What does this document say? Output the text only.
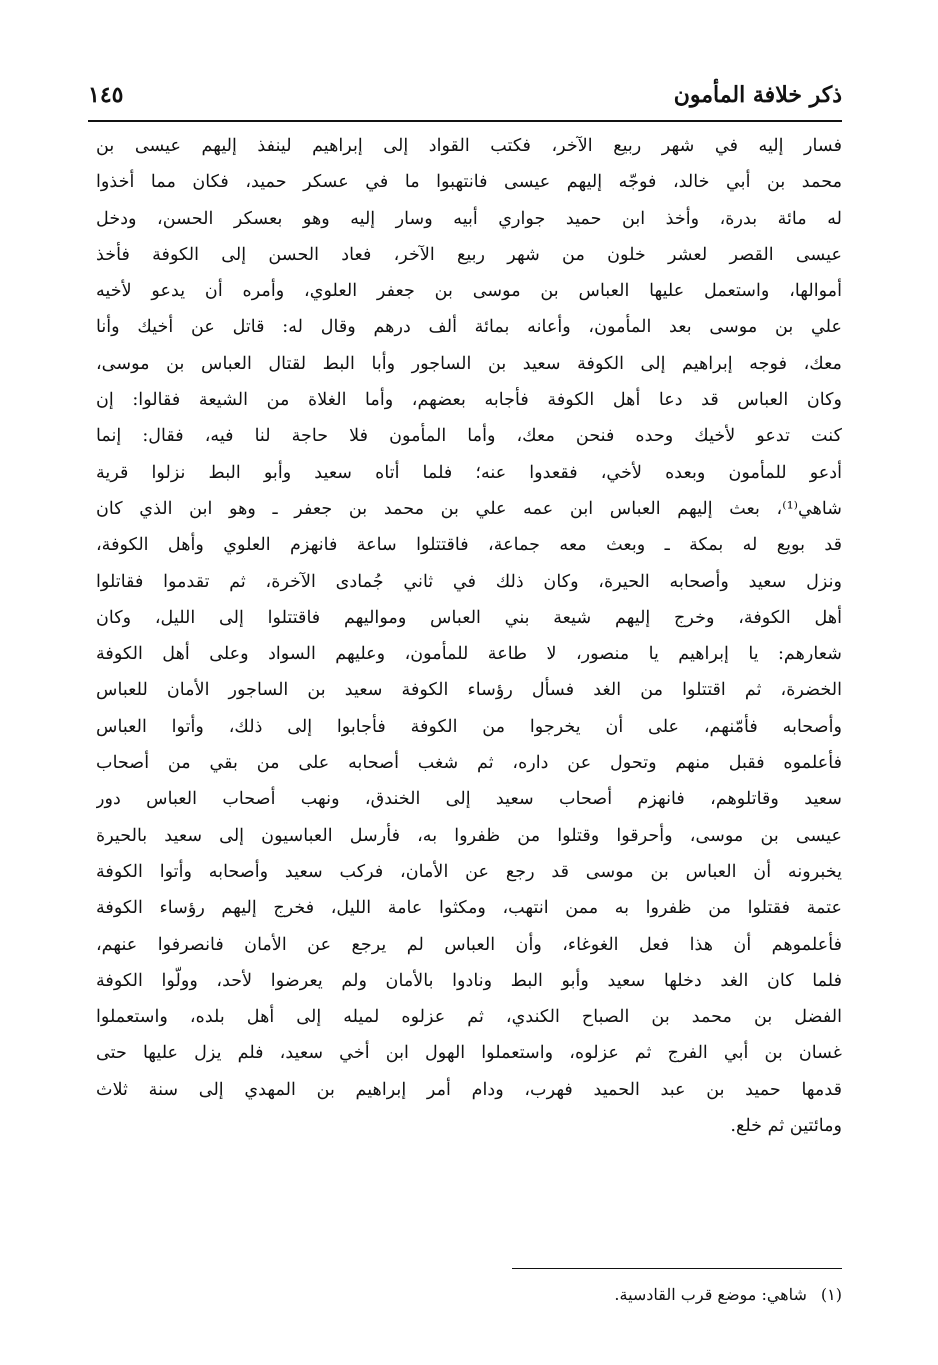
ذكر خلافة المأمون
١٤٥
فسار إليه في شهر ربيع الآخر، فكتب القواد إلى إبراهيم لينفذ إليهم عيسى بن
محمد بن أبي خالد، فوجّه إليهم عيسى فانتهبوا ما في عسكر حميد، فكان مما أخذوا
له مائة بدرة، وأخذ ابن حميد جواري أبيه وسار إليه وهو بعسكر الحسن، ودخل
عيسى القصر لعشر خلون من شهر ربيع الآخر، فعاد الحسن إلى الكوفة فأخذ
أموالها، واستعمل عليها العباس بن موسى بن جعفر العلوي، وأمره أن يدعو لأخيه
علي بن موسى بعد المأمون، وأعانه بمائة ألف درهم وقال له: قاتل عن أخيك وأنا
معك، فوجه إبراهيم إلى الكوفة سعيد بن الساجور وأبا البط لقتال العباس بن موسى،
وكان العباس قد دعا أهل الكوفة فأجابه بعضهم، وأما الغلاة من الشيعة فقالوا: إن
كنت تدعو لأخيك وحده فنحن معك، وأما المأمون فلا حاجة لنا فيه، فقال: إنما
أدعو للمأمون وبعده لأخي، فقعدوا عنه؛ فلما أتاه سعيد وأبو البط نزلوا قرية
شاهي⁽¹⁾، بعث إليهم العباس ابن عمه علي بن محمد بن جعفر ـ وهو ابن الذي كان
قد بويع له بمكة ـ وبعث معه جماعة، فاقتتلوا ساعة فانهزم العلوي وأهل الكوفة،
ونزل سعيد وأصحابه الحيرة، وكان ذلك في ثاني جُمادى الآخرة، ثم تقدموا فقاتلوا
أهل الكوفة، وخرج إليهم شيعة بني العباس ومواليهم فاقتتلوا إلى الليل، وكان
شعارهم: يا إبراهيم يا منصور، لا طاعة للمأمون، وعليهم السواد وعلى أهل الكوفة
الخضرة، ثم اقتتلوا من الغد فسأل رؤساء الكوفة سعيد بن الساجور الأمان للعباس
وأصحابه فأمّنهم، على أن يخرجوا من الكوفة فأجابوا إلى ذلك، وأتوا العباس
فأعلموه فقبل منهم وتحول عن داره، ثم شغب أصحابه على من بقي من أصحاب
سعيد وقاتلوهم، فانهزم أصحاب سعيد إلى الخندق، ونهب أصحاب العباس دور
عيسى بن موسى، وأحرقوا وقتلوا من ظفروا به، فأرسل العباسيون إلى سعيد بالحيرة
يخبرونه أن العباس بن موسى قد رجع عن الأمان، فركب سعيد وأصحابه وأتوا الكوفة
عتمة فقتلوا من ظفروا به ممن انتهب، ومكثوا عامة الليل، فخرج إليهم رؤساء الكوفة
فأعلموهم أن هذا فعل الغوغاء، وأن العباس لم يرجع عن الأمان فانصرفوا عنهم،
فلما كان الغد دخلها سعيد وأبو البط ونادوا بالأمان ولم يعرضوا لأحد، وولّوا الكوفة
الفضل بن محمد بن الصباح الكندي، ثم عزلوه لميله إلى أهل بلده، واستعملوا
غسان بن أبي الفرج ثم عزلوه، واستعملوا الهول ابن أخي سعيد، فلم يزل عليها حتى
قدمها حميد بن عبد الحميد فهرب، ودام أمر إبراهيم بن المهدي إلى سنة ثلاث
ومائتين ثم خلع.
(١)شاهي: موضع قرب القادسية.
